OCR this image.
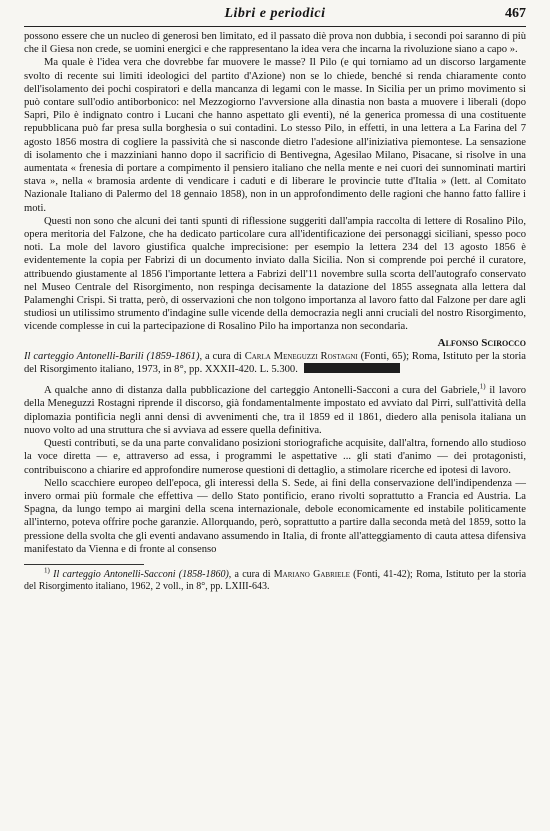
Libri e periodici	467

possono essere che un nucleo di generosi ben limitato, ed il passato diè prova non dubbia, i secondi poi saranno di più che il Giesa non crede, se uomini energici e che rappresentano la idea vera che incarna la rivoluzione siano a capo ».

Ma quale è l'idea vera che dovrebbe far muovere le masse? Il Pilo (e qui torniamo ad un discorso largamente svolto di recente sui limiti ideologici del partito d'Azione) non se lo chiede, benché si renda chiaramente conto dell'isolamento dei pochi cospiratori e della mancanza di legami con le masse. In Sicilia per un primo movimento si può contare sull'odio antiborbonico: nel Mezzogiorno l'avversione alla dinastia non basta a muovere i liberali (dopo Sapri, Pilo è indignato contro i Lucani che hanno aspettato gli eventi), né la generica promessa di una costituente repubblicana può far presa sulla borghesia o sui contadini. Lo stesso Pilo, in effetti, in una lettera a La Farina del 7 agosto 1856 mostra di cogliere la passività che si nasconde dietro l'adesione all'iniziativa piemontese. La sensazione di isolamento che i mazziniani hanno dopo il sacrificio di Bentivegna, Agesilao Milano, Pisacane, si risolve in una aumentata « frenesia di portare a compimento il pensiero italiano che nella mente e nei cuori dei sunnominati martiri stava », nella « bramosia ardente di vendicare i caduti e di liberare le provincie tutte d'Italia » (lett. al Comitato Nazionale Italiano di Palermo del 18 gennaio 1858), non in un approfondimento delle ragioni che hanno fatto fallire i moti.

Questi non sono che alcuni dei tanti spunti di riflessione suggeriti dall'ampia raccolta di lettere di Rosalino Pilo, opera meritoria del Falzone, che ha dedicato particolare cura all'identificazione dei personaggi siciliani, spesso poco noti. La mole del lavoro giustifica qualche imprecisione: per esempio la lettera 234 del 13 agosto 1856 è evidentemente la copia per Fabrizi di un documento inviato dalla Sicilia. Non si comprende poi perché il curatore, attribuendo giustamente al 1856 l'importante lettera a Fabrizi dell'11 novembre sulla scorta dell'autografo conservato nel Museo Centrale del Risorgimento, non respinga decisamente la datazione del 1855 assegnata alla lettera dal Palamenghi Crispi. Si tratta, però, di osservazioni che non tolgono importanza al lavoro fatto dal Falzone per dare agli studiosi un utilissimo strumento d'indagine sulle vicende della democrazia negli anni cruciali del nostro Risorgimento, vicende complesse in cui la partecipazione di Rosalino Pilo ha importanza non secondaria.

Alfonso Scirocco

Il carteggio Antonelli-Barili (1859-1861), a cura di Carla Meneguzzi Rostagni (Fonti, 65); Roma, Istituto per la storia del Risorgimento italiano, 1973, in 8°, pp. XXXII-420. L. 5.300.

A qualche anno di distanza dalla pubblicazione del carteggio Antonelli-Sacconi a cura del Gabriele,$^{1)}$ il lavoro della Meneguzzi Rostagni riprende il discorso, già fondamentalmente impostato ed avviato dal Pirri, sull'attività della diplomazia pontificia negli anni densi di avvenimenti che, tra il 1859 ed il 1861, diedero alla penisola italiana un nuovo volto ad una struttura che si avviava ad essere quella definitiva.

Questi contributi, se da una parte convalidano posizioni storiografiche acquisite, dall'altra, fornendo allo studioso la voce diretta — e, attraverso ad essa, i programmi le aspettative ... gli stati d'animo — dei protagonisti, contribuiscono a chiarire ed approfondire numerose questioni di dettaglio, a stimolare ricerche ed ipotesi di lavoro.

Nello scacchiere europeo dell'epoca, gli interessi della S. Sede, ai fini della conservazione dell'indipendenza — invero ormai più formale che effettiva — dello Stato pontificio, erano rivolti soprattutto a Francia ed Austria. La Spagna, da lungo tempo ai margini della scena internazionale, debole economicamente ed instabile politicamente all'interno, poteva offrire poche garanzie. Allorquando, però, soprattutto a partire dalla seconda metà del 1859, sotto la pressione della svolta che gli eventi andavano assumendo in Italia, di fronte all'atteggiamento di cauta attesa difensiva manifestato da Vienna e di fronte al consenso

$^{1)}$ Il carteggio Antonelli-Sacconi (1858-1860), a cura di Mariano Gabriele (Fonti, 41-42); Roma, Istituto per la storia del Risorgimento italiano, 1962, 2 voll., in 8°, pp. LXIII-643.
